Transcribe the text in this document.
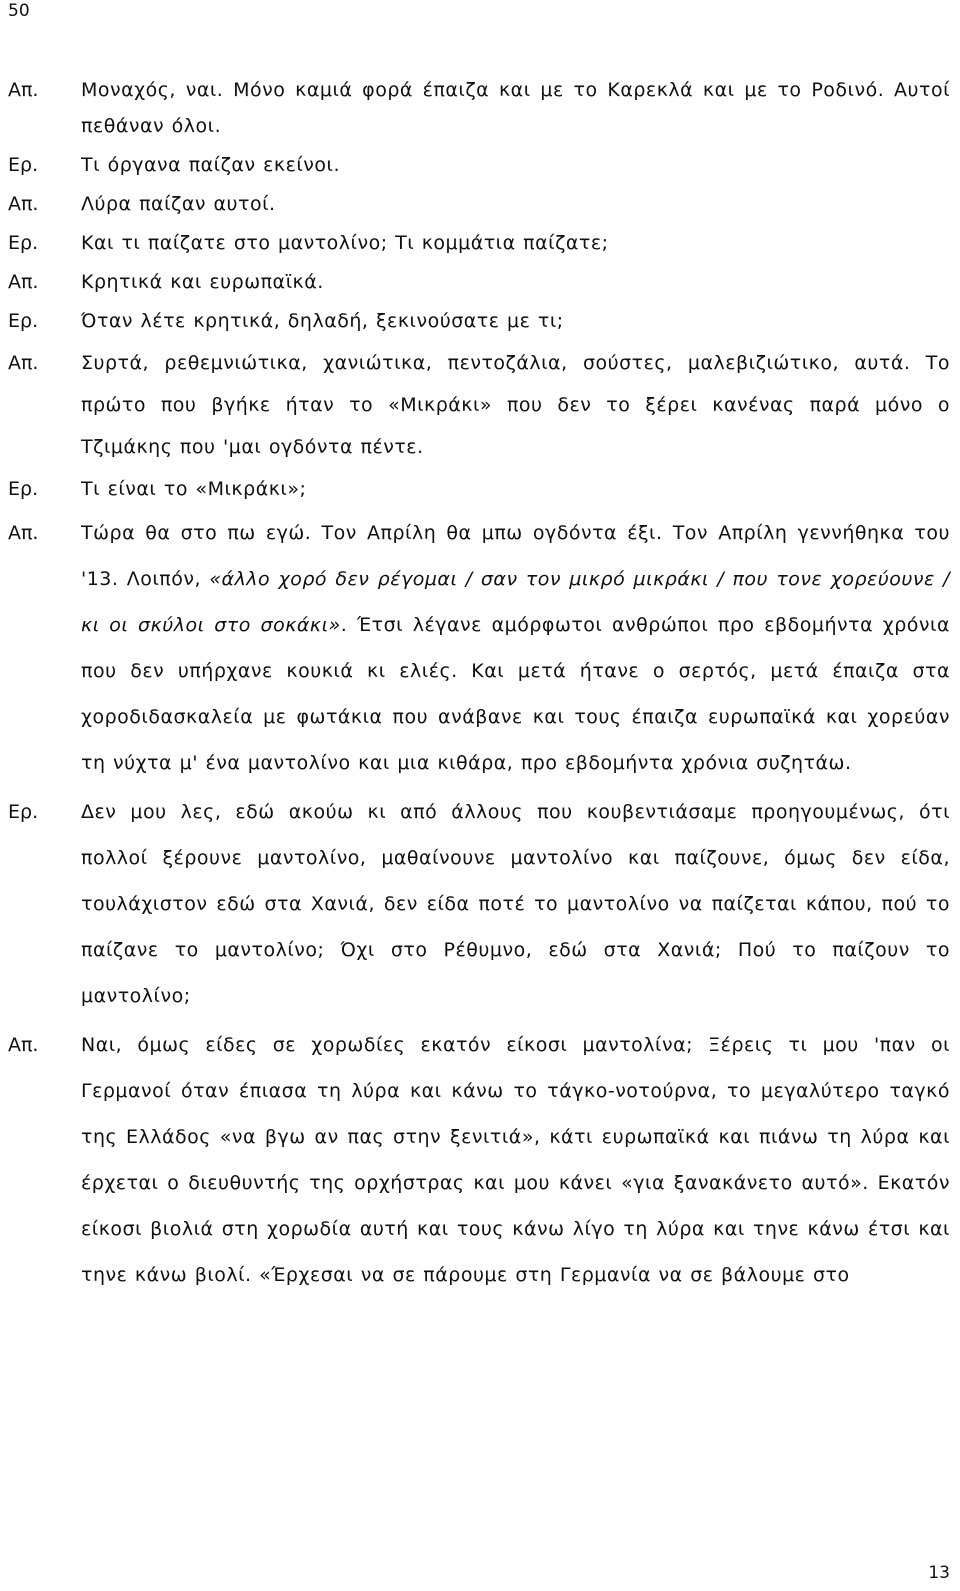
50
Απ.	Μοναχός, ναι. Μόνο καμιά φορά έπαιζα και με το Καρεκλά και με το Ροδινό. Αυτοί πεθάναν όλοι.
Ερ.	Τι όργανα παίζαν εκείνοι.
Απ.	Λύρα παίζαν αυτοί.
Ερ.	Και τι παίζατε στο μαντολίνο; Τι κομμάτια παίζατε;
Απ.	Κρητικά και ευρωπαϊκά.
Ερ.	Όταν λέτε κρητικά, δηλαδή, ξεκινούσατε με τι;
Απ.	Συρτά, ρεθεμνιώτικα, χανιώτικα, πεντοζάλια, σούστες, μαλεβιζιώτικο, αυτά. Το πρώτο που βγήκε ήταν το «Μικράκι» που δεν το ξέρει κανένας παρά μόνο ο Τζιμάκης που 'μαι ογδόντα πέντε.
Ερ.	Τι είναι το «Μικράκι»;
Απ.	Τώρα θα στο πω εγώ. Τον Απρίλη θα μπω ογδόντα έξι. Τον Απρίλη γεννήθηκα του '13. Λοιπόν, «άλλο χορό δεν ρέγομαι / σαν τον μικρό μικράκι / που τονε χορεύουνε / κι οι σκύλοι στο σοκάκι». Έτσι λέγανε αμόρφωτοι ανθρώποι προ εβδομήντα χρόνια που δεν υπήρχανε κουκιά κι ελιές. Και μετά ήτανε ο σερτός, μετά έπαιζα στα χοροδιδασκαλεία με φωτάκια που ανάβανε και τους έπαιζα ευρωπαϊκά και χορεύαν τη νύχτα μ' ένα μαντολίνο και μια κιθάρα, προ εβδομήντα χρόνια συζητάω.
Ερ.	Δεν μου λες, εδώ ακούω κι από άλλους που κουβεντιάσαμε προηγουμένως, ότι πολλοί ξέρουνε μαντολίνο, μαθαίνουνε μαντολίνο και παίζουνε, όμως δεν είδα, τουλάχιστον εδώ στα Χανιά, δεν είδα ποτέ το μαντολίνο να παίζεται κάπου, πού το παίζανε το μαντολίνο; Όχι στο Ρέθυμνο, εδώ στα Χανιά; Πού το παίζουν το μαντολίνο;
Απ.	Ναι, όμως είδες σε χορωδίες εκατόν είκοσι μαντολίνα; Ξέρεις τι μου 'παν οι Γερμανοί όταν έπιασα τη λύρα και κάνω το τάγκο-νοτούρνα, το μεγαλύτερο ταγκό της Ελλάδος «να βγω αν πας στην ξενιτιά», κάτι ευρωπαϊκά και πιάνω τη λύρα και έρχεται ο διευθυντής της ορχήστρας και μου κάνει «για ξανακάνετο αυτό». Εκατόν είκοσι βιολιά στη χορωδία αυτή και τους κάνω λίγο τη λύρα και τηνε κάνω έτσι και τηνε κάνω βιολί. «Έρχεσαι να σε πάρουμε στη Γερμανία να σε βάλουμε στο
13
